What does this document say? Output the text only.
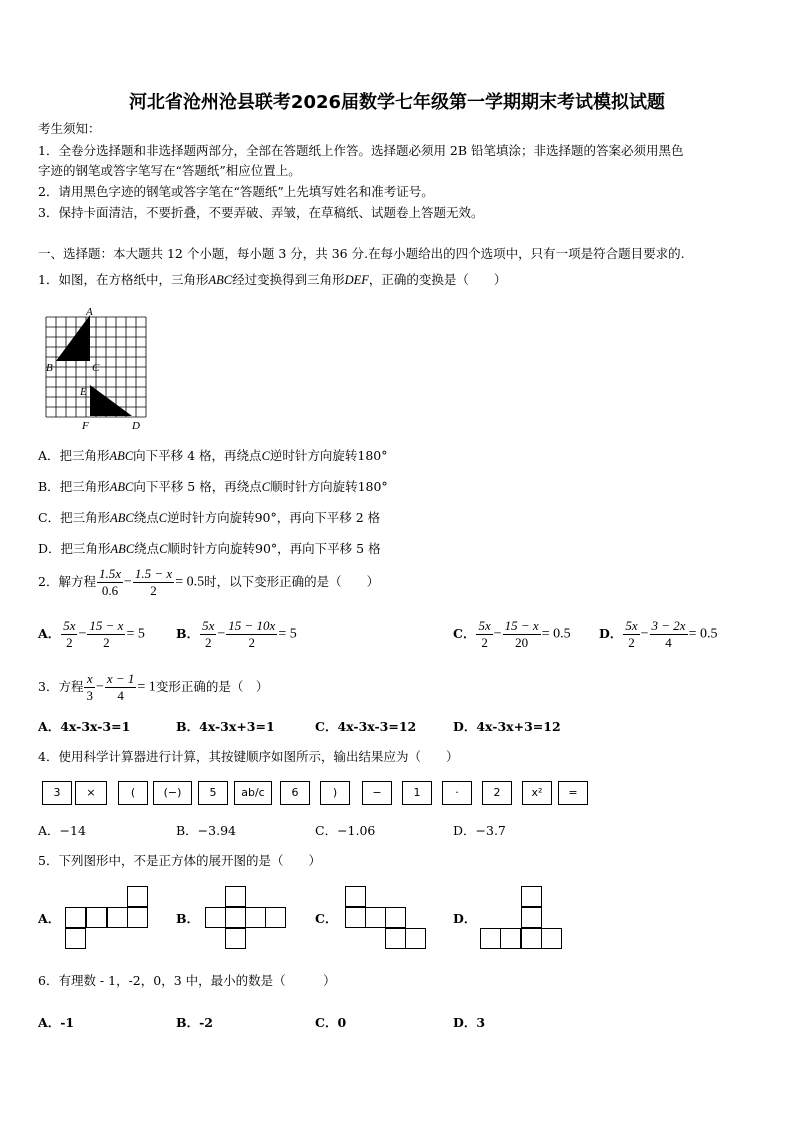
河北省沧州沧县联考2026届数学七年级第一学期期末考试模拟试题
考生须知：
1．全卷分选择题和非选择题两部分，全部在答题纸上作答。选择题必须用 2B 铅笔填涂；非选择题的答案必须用黑色
字迹的钢笔或答字笔写在“答题纸”相应位置上。
2．请用黑色字迹的钢笔或答字笔在“答题纸”上先填写姓名和准考证号。
3．保持卡面清洁，不要折叠，不要弄破、弄皱，在草稿纸、试题卷上答题无效。
一、选择题：本大题共 12 个小题，每小题 3 分，共 36 分.在每小题给出的四个选项中，只有一项是符合题目要求的.
1．如图，在方格纸中，三角形ABC经过变换得到三角形DEF，正确的变换是（　　）
A
B	C
E
F	D
A．把三角形ABC向下平移 4 格，再绕点C逆时针方向旋转180°
B．把三角形ABC向下平移 5 格，再绕点C顺时针方向旋转180°
C．把三角形ABC绕点C逆时针方向旋转90°，再向下平移 2 格
D．把三角形ABC绕点C顺时针方向旋转90°，再向下平移 5 格
2．解方程 $\frac{1.5x}{0.6} - \frac{1.5 - x}{2} = 0.5$时，以下变形正确的是（　　）
A． $\frac{5x}{2} - \frac{15 - x}{2} = 5$ B． $\frac{5x}{2} - \frac{15 - 10x}{2} = 5$	C． $\frac{5x}{2} - \frac{15 - x}{20} = 0.5$ D． $\frac{5x}{2} - \frac{3 - 2x}{4} = 0.5$
3．方程 $\frac{x}{3} - \frac{x - 1}{4} = 1$变形正确的是（　）
A．4x-3x-3=1	B．4x-3x+3=1	C．4x-3x-3=12	D．4x-3x+3=12
4．使用科学计算器进行计算，其按键顺序如图所示，输出结果应为（　　）
3	×	(	(−)	5	ab/c	6	)	−	1	·	2	x²	=
A．−14	B．−3.94	C．−1.06	D．−3.7
5．下列图形中，不是正方体的展开图的是（　　）
A．	B．	C．	D．
6．有理数 - 1，-2，0，3 中，最小的数是（　　　）
A．-1	B．-2	C．0	D．3
